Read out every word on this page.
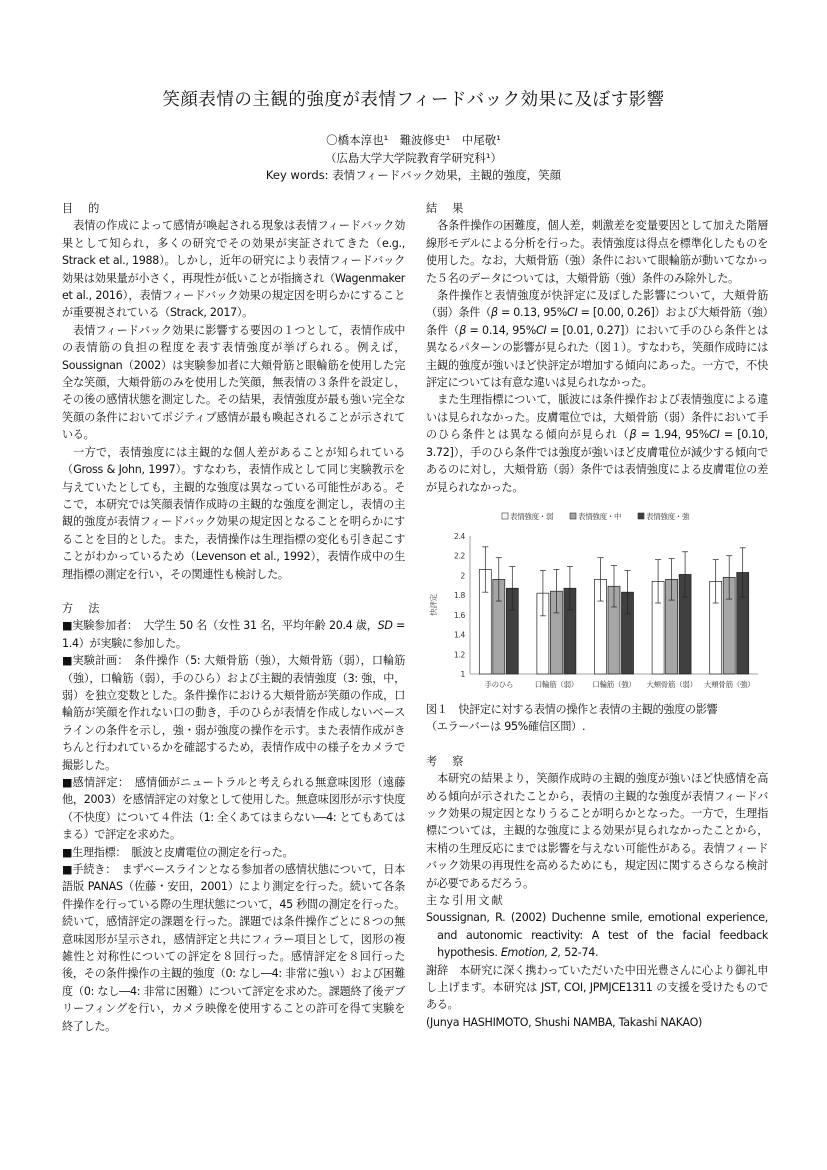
笑顔表情の主観的強度が表情フィードバック効果に及ぼす影響
〇橋本淳也¹　難波修史¹　中尾敬¹
（広島大学大学院教育学研究科¹）
Key words: 表情フィードバック効果，主観的強度，笑顔

目　的

表情の作成によって感情が喚起される現象は表情フィードバック効果として知られ，多くの研究でその効果が実証されてきた（e.g., Strack et al., 1988）。しかし，近年の研究により表情フィードバック効果は効果量が小さく，再現性が低いことが指摘され（Wagenmaker et al., 2016），表情フィードバック効果の規定因を明らかにすることが重要視されている（Strack, 2017）。

表情フィードバック効果に影響する要因の１つとして，表情作成中の表情筋の負担の程度を表す表情強度が挙げられる。例えば，Soussignan（2002）は実験参加者に大頬骨筋と眼輪筋を使用した完全な笑顔，大頬骨筋のみを使用した笑顔，無表情の３条件を設定し，その後の感情状態を測定した。その結果，表情強度が最も強い完全な笑顔の条件においてポジティブ感情が最も喚起されることが示されている。

一方で，表情強度には主観的な個人差があることが知られている（Gross & John, 1997）。すなわち，表情作成として同じ実験教示を与えていたとしても，主観的な強度は異なっている可能性がある。そこで，本研究では笑顔表情作成時の主観的な強度を測定し，表情の主観的強度が表情フィードバック効果の規定因となることを明らかにすることを目的とした。また，表情操作は生理指標の変化も引き起こすことがわかっているため（Levenson et al., 1992），表情作成中の生理指標の測定を行い，その関連性も検討した。

方　法

■実験参加者：　大学生 50 名（女性 31 名，平均年齢 20.4 歳，SD = 1.4）が実験に参加した。

■実験計画：　条件操作（5: 大頬骨筋（強），大頬骨筋（弱），口輪筋（強），口輪筋（弱），手のひら）および主観的表情強度（3: 強，中，弱）を独立変数とした。条件操作における大頬骨筋が笑顔の作成，口輪筋が笑顔を作れない口の動き，手のひらが表情を作成しないベースラインの条件を示し，強・弱が強度の操作を示す。また表情作成がきちんと行われているかを確認するため，表情作成中の様子をカメラで撮影した。

■感情評定：　感情価がニュートラルと考えられる無意味図形（遠藤他，2003）を感情評定の対象として使用した。無意味図形が示す快度（不快度）について４件法（1: 全くあてはまらない―4: とてもあてはまる）で評定を求めた。

■生理指標：　脈波と皮膚電位の測定を行った。

■手続き：　まずベースラインとなる参加者の感情状態について，日本語版 PANAS（佐藤・安田，2001）により測定を行った。続いて各条件操作を行っている際の生理状態について，45 秒間の測定を行った。続いて，感情評定の課題を行った。課題では条件操作ごとに８つの無意味図形が呈示され，感情評定と共にフィラー項目として，図形の複雑性と対称性についての評定を８回行った。感情評定を８回行った後，その条件操作の主観的強度（0: なし―4: 非常に強い）および困難度（0: なし―4: 非常に困難）について評定を求めた。課題終了後デブリーフィングを行い，カメラ映像を使用することの許可を得て実験を終了した。

結　果

各条件操作の困難度，個人差，刺激差を変量要因として加えた階層線形モデルによる分析を行った。表情強度は得点を標準化したものを使用した。なお，大頬骨筋（強）条件において眼輪筋が動いてなかった５名のデータについては，大頬骨筋（強）条件のみ除外した。

条件操作と表情強度が快評定に及ぼした影響について，大頬骨筋（弱）条件（β = 0.13, 95%CI = [0.00, 0.26]）および大頬骨筋（強）条件（β = 0.14, 95%CI = [0.01, 0.27]）において手のひら条件とは異なるパターンの影響が見られた（図１）。すなわち，笑顔作成時には主観的強度が強いほど快評定が増加する傾向にあった。一方で，不快評定については有意な違いは見られなかった。

また生理指標について，脈波には条件操作および表情強度による違いは見られなかった。皮膚電位では，大頬骨筋（弱）条件において手のひら条件とは異なる傾向が見られ（β = 1.94, 95%CI = [0.10, 3.72]），手のひら条件では強度が強いほど皮膚電位が減少する傾向であるのに対し，大頬骨筋（弱）条件では表情強度による皮膚電位の差が見られなかった。

1
1.2
1.4
1.6
1.8
2
2.2
2.4
快評定
表情強度・弱	表情強度・中	表情強度・強
手のひら	口輪筋（弱） 口輪筋（強） 大頬骨筋（弱） 大頬骨筋（強）

図１　快評定に対する表情の操作と表情の主観的強度の影響

（エラーバーは 95%確信区間）.

考　察

本研究の結果より，笑顔作成時の主観的強度が強いほど快感情を高める傾向が示されたことから，表情の主観的な強度が表情フィードバック効果の規定因となりうることが明らかとなった。一方で，生理指標については，主観的な強度による効果が見られなかったことから，末梢の生理反応にまでは影響を与えない可能性がある。表情フィードバック効果の再現性を高めるためにも，規定因に関するさらなる検討が必要であるだろう。

主な引用文献

Soussignan, R. (2002) Duchenne smile, emotional experience, and autonomic reactivity: A test of the facial feedback hypothesis. Emotion, 2, 52-74.

謝辞　本研究に深く携わっていただいた中田光豊さんに心より御礼申し上げます。本研究は JST, COI, JPMJCE1311 の支援を受けたものである。

(Junya HASHIMOTO, Shushi NAMBA, Takashi NAKAO)
